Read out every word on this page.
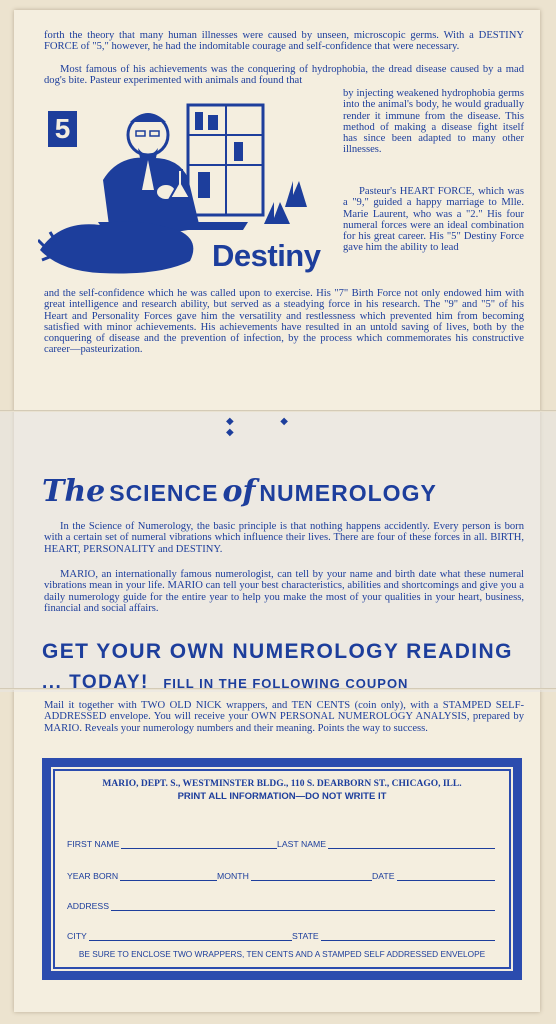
forth the theory that many human illnesses were caused by unseen, microscopic germs. With a DESTINY FORCE of "5," however, he had the indomitable courage and self-confidence that were necessary.

Most famous of his achievements was the conquering of hydrophobia, the dread disease caused by a mad dog's bite. Pasteur experimented with animals and found that

by injecting weakened hydrophobia germs into the animal's body, he would gradually render it immune from the disease. This method of making a disease fight itself has since been adapted to many other illnesses.

Pasteur's HEART FORCE, which was a "9," guided a happy marriage to Mlle. Marie Laurent, who was a "2." His four numeral forces were an ideal combination for his great career. His "5" Destiny Force gave him the ability to lead

and the self-confidence which he was called upon to exercise. His "7" Birth Force not only endowed him with great intelligence and research ability, but served as a steadying force in his research. The "9" and "5" of his Heart and Personality Forces gave him the versatility and restlessness which prevented him from becoming satisfied with minor achievements. His achievements have resulted in an untold saving of lives, both by the conquering of disease and the prevention of infection, by the process which commemorates his constructive career—pasteurization.

5
Destiny
◆ ◆ ◆
The SCIENCE of NUMEROLOGY

In the Science of Numerology, the basic principle is that nothing happens accidently. Every person is born with a certain set of numeral vibrations which influence their lives. There are four of these forces in all. BIRTH, HEART, PERSONALITY and DESTINY.

MARIO, an internationally famous numerologist, can tell by your name and birth date what these numeral vibrations mean in your life. MARIO can tell your best characteristics, abilities and shortcomings and give you a daily numerology guide for the entire year to help you make the most of your qualities in your heart, business, financial and social affairs.

GET YOUR OWN NUMEROLOGY READING
... TODAY! FILL IN THE FOLLOWING COUPON

Mail it together with TWO OLD NICK wrappers, and TEN CENTS (coin only), with a STAMPED SELF-ADDRESSED envelope. You will receive your OWN PERSONAL NUMEROLOGY ANALYSIS, prepared by MARIO. Reveals your numerology numbers and their meaning. Points the way to success.

MARIO, DEPT. S., WESTMINSTER BLDG., 110 S. DEARBORN ST., CHICAGO, ILL.
PRINT ALL INFORMATION—DO NOT WRITE IT
FIRST NAME	LAST NAME
YEAR BORN	MONTH	DATE
ADDRESS
CITY	STATE
BE SURE TO ENCLOSE TWO WRAPPERS, TEN CENTS AND A STAMPED SELF ADDRESSED ENVELOPE
